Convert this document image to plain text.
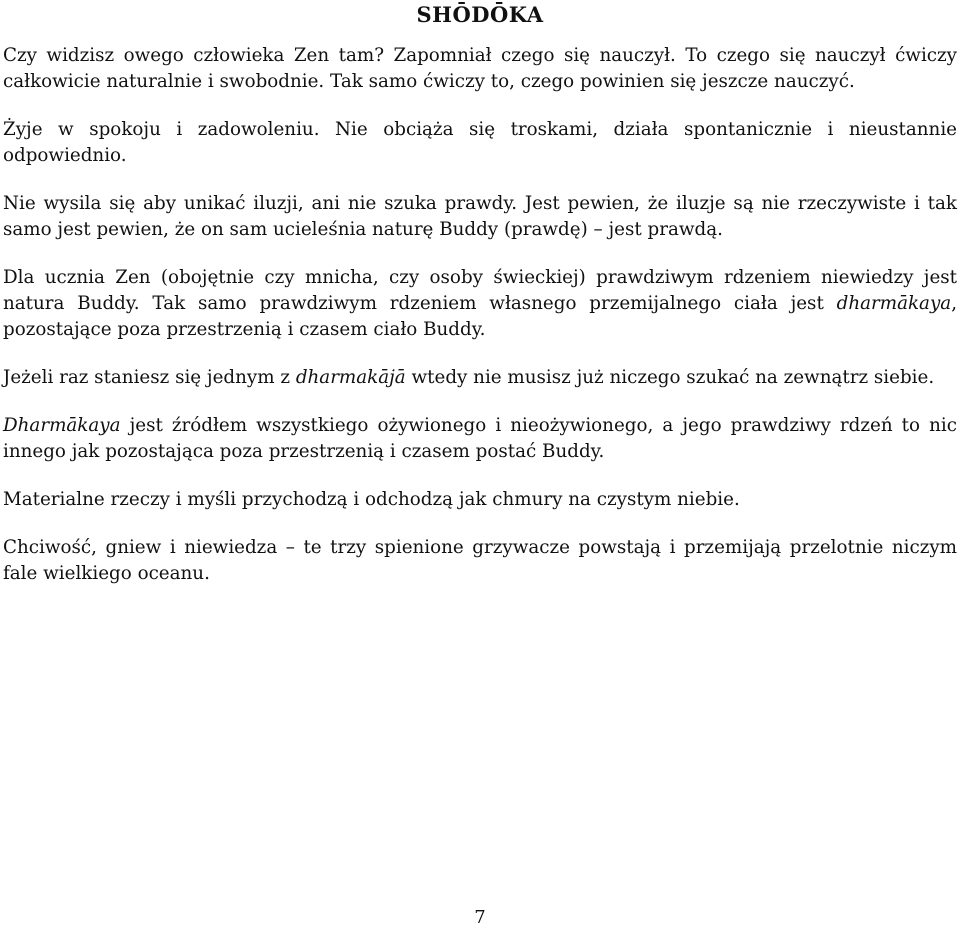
SHŌDŌKA

Czy widzisz owego człowieka Zen tam? Zapomniał czego się nauczył. To czego się nauczył ćwiczy całkowicie naturalnie i swobodnie. Tak samo ćwiczy to, czego powinien się jeszcze nauczyć.

Żyje w spokoju i zadowoleniu. Nie obciąża się troskami, działa spontanicznie i nieustannie odpowiednio.

Nie wysila się aby unikać iluzji, ani nie szuka prawdy. Jest pewien, że iluzje są nie rzeczywiste i tak samo jest pewien, że on sam ucieleśnia naturę Buddy (prawdę) – jest prawdą.

Dla ucznia Zen (obojętnie czy mnicha, czy osoby świeckiej) prawdziwym rdzeniem niewiedzy jest natura Buddy. Tak samo prawdziwym rdzeniem własnego przemijalnego ciała jest dharmākaya, pozostające poza przestrzenią i czasem ciało Buddy.

Jeżeli raz staniesz się jednym z dharmakājā wtedy nie musisz już niczego szukać na zewnątrz siebie.

Dharmākaya jest źródłem wszystkiego ożywionego i nieożywionego, a jego prawdziwy rdzeń to nic innego jak pozostająca poza przestrzenią i czasem postać Buddy.

Materialne rzeczy i myśli przychodzą i odchodzą jak chmury na czystym niebie.

Chciwość, gniew i niewiedza – te trzy spienione grzywacze powstają i przemijają przelotnie niczym fale wielkiego oceanu.

7
